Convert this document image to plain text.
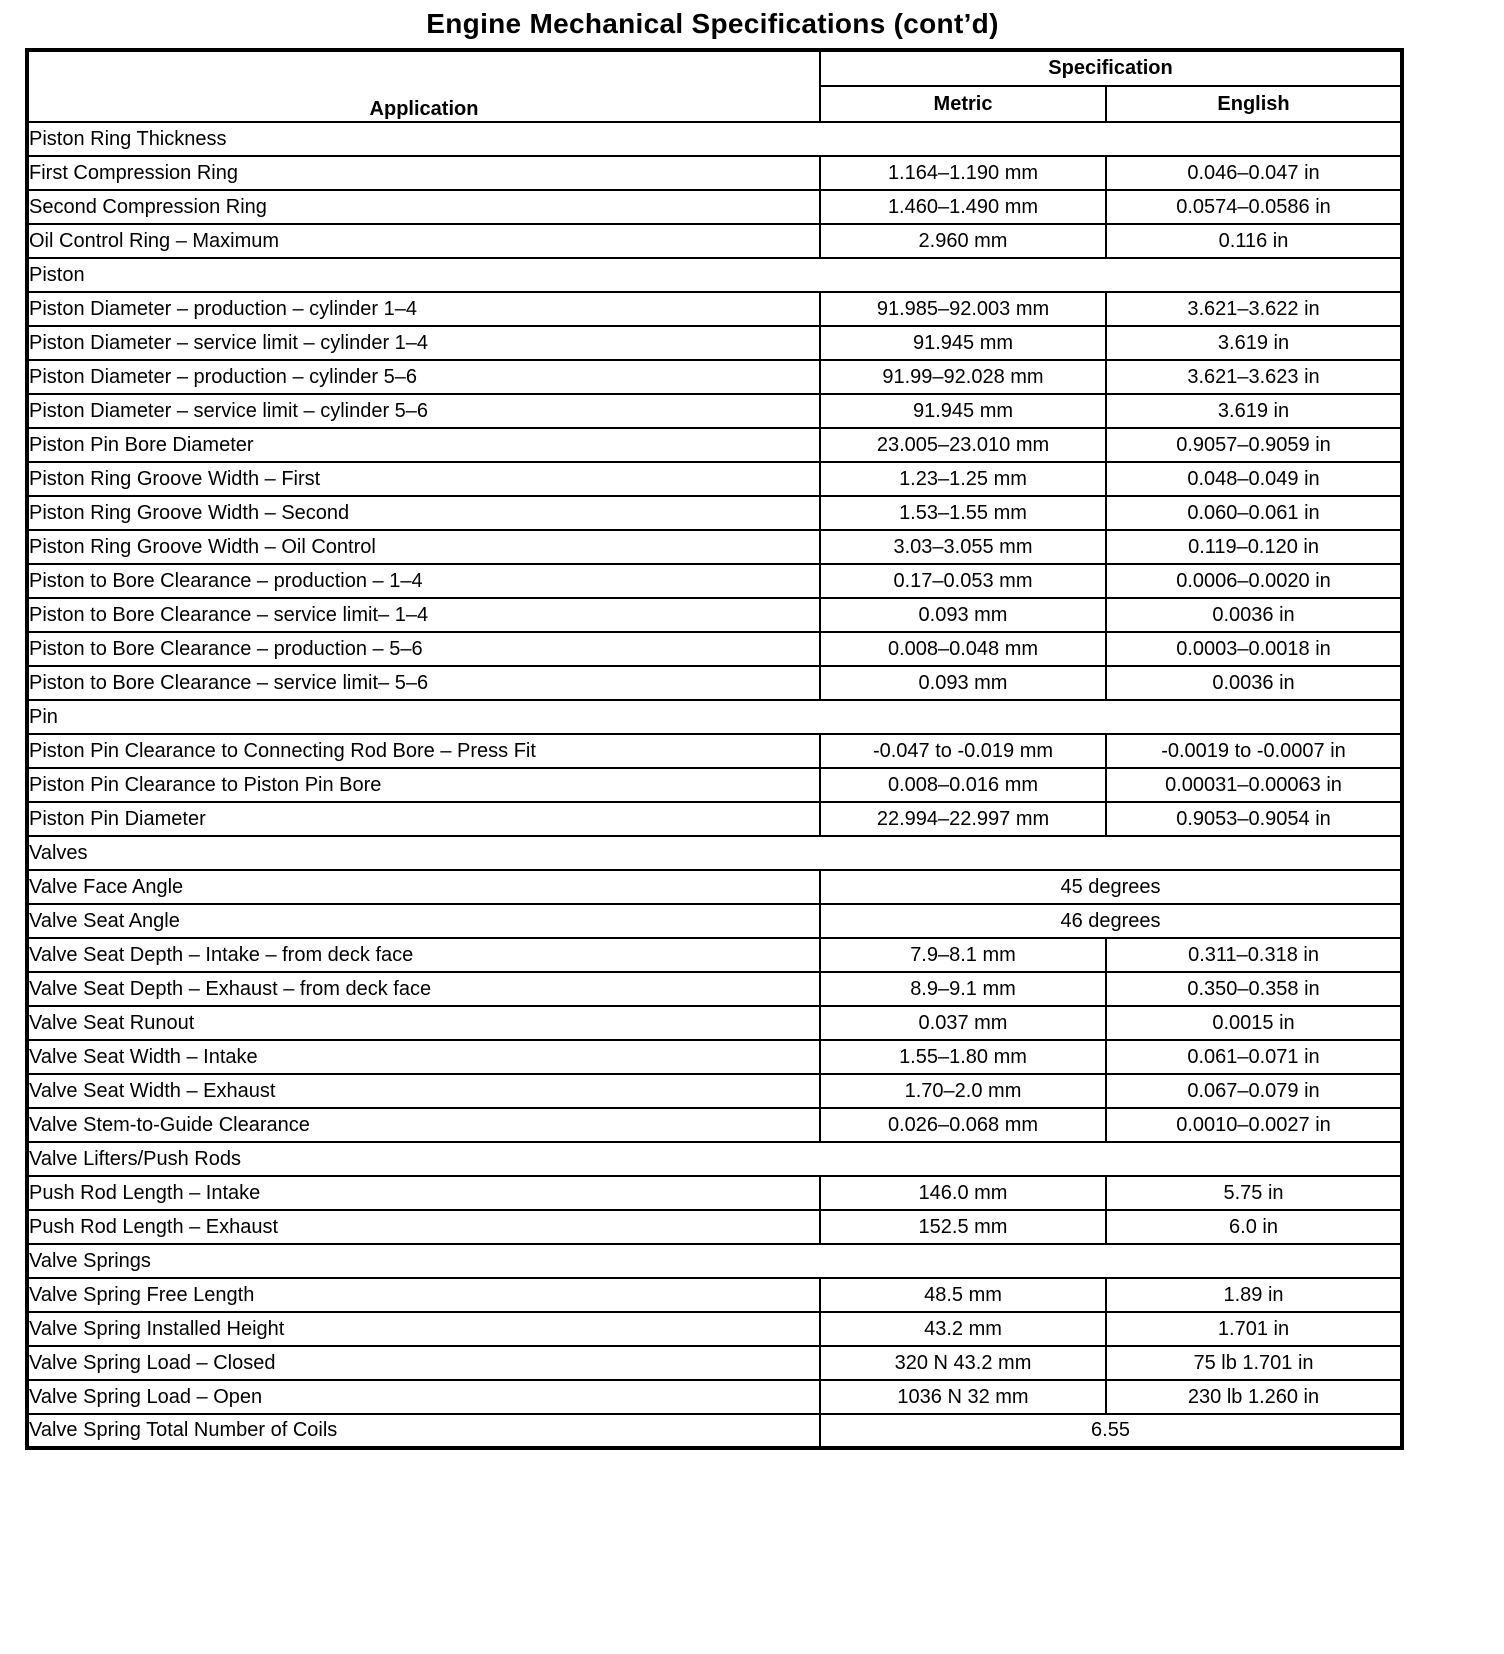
Engine Mechanical Specifications (cont’d)
Application	Specification	
	Metric	English
Piston Ring Thickness		
First Compression Ring	1.164–1.190 mm	0.046–0.047 in
Second Compression Ring	1.460–1.490 mm	0.0574–0.0586 in
Oil Control Ring – Maximum	2.960 mm	0.116 in
Piston		
Piston Diameter – production – cylinder 1–4	91.985–92.003 mm	3.621–3.622 in
Piston Diameter – service limit – cylinder 1–4	91.945 mm	3.619 in
Piston Diameter – production – cylinder 5–6	91.99–92.028 mm	3.621–3.623 in
Piston Diameter – service limit – cylinder 5–6	91.945 mm	3.619 in
Piston Pin Bore Diameter	23.005–23.010 mm	0.9057–0.9059 in
Piston Ring Groove Width – First	1.23–1.25 mm	0.048–0.049 in
Piston Ring Groove Width – Second	1.53–1.55 mm	0.060–0.061 in
Piston Ring Groove Width – Oil Control	3.03–3.055 mm	0.119–0.120 in
Piston to Bore Clearance – production – 1–4	0.17–0.053 mm	0.0006–0.0020 in
Piston to Bore Clearance – service limit– 1–4	0.093 mm	0.0036 in
Piston to Bore Clearance – production – 5–6	0.008–0.048 mm	0.0003–0.0018 in
Piston to Bore Clearance – service limit– 5–6	0.093 mm	0.0036 in
Pin		
Piston Pin Clearance to Connecting Rod Bore – Press Fit	-0.047 to -0.019 mm	-0.0019 to -0.0007 in
Piston Pin Clearance to Piston Pin Bore	0.008–0.016 mm	0.00031–0.00063 in
Piston Pin Diameter	22.994–22.997 mm	0.9053–0.9054 in
Valves		
Valve Face Angle	45 degrees	
Valve Seat Angle	46 degrees	
Valve Seat Depth – Intake – from deck face	7.9–8.1 mm	0.311–0.318 in
Valve Seat Depth – Exhaust – from deck face	8.9–9.1 mm	0.350–0.358 in
Valve Seat Runout	0.037 mm	0.0015 in
Valve Seat Width – Intake	1.55–1.80 mm	0.061–0.071 in
Valve Seat Width – Exhaust	1.70–2.0 mm	0.067–0.079 in
Valve Stem-to-Guide Clearance	0.026–0.068 mm	0.0010–0.0027 in
Valve Lifters/Push Rods		
Push Rod Length – Intake	146.0 mm	5.75 in
Push Rod Length – Exhaust	152.5 mm	6.0 in
Valve Springs		
Valve Spring Free Length	48.5 mm	1.89 in
Valve Spring Installed Height	43.2 mm	1.701 in
Valve Spring Load – Closed	320 N 43.2 mm	75 lb 1.701 in
Valve Spring Load – Open	1036 N 32 mm	230 lb 1.260 in
Valve Spring Total Number of Coils	6.55	
